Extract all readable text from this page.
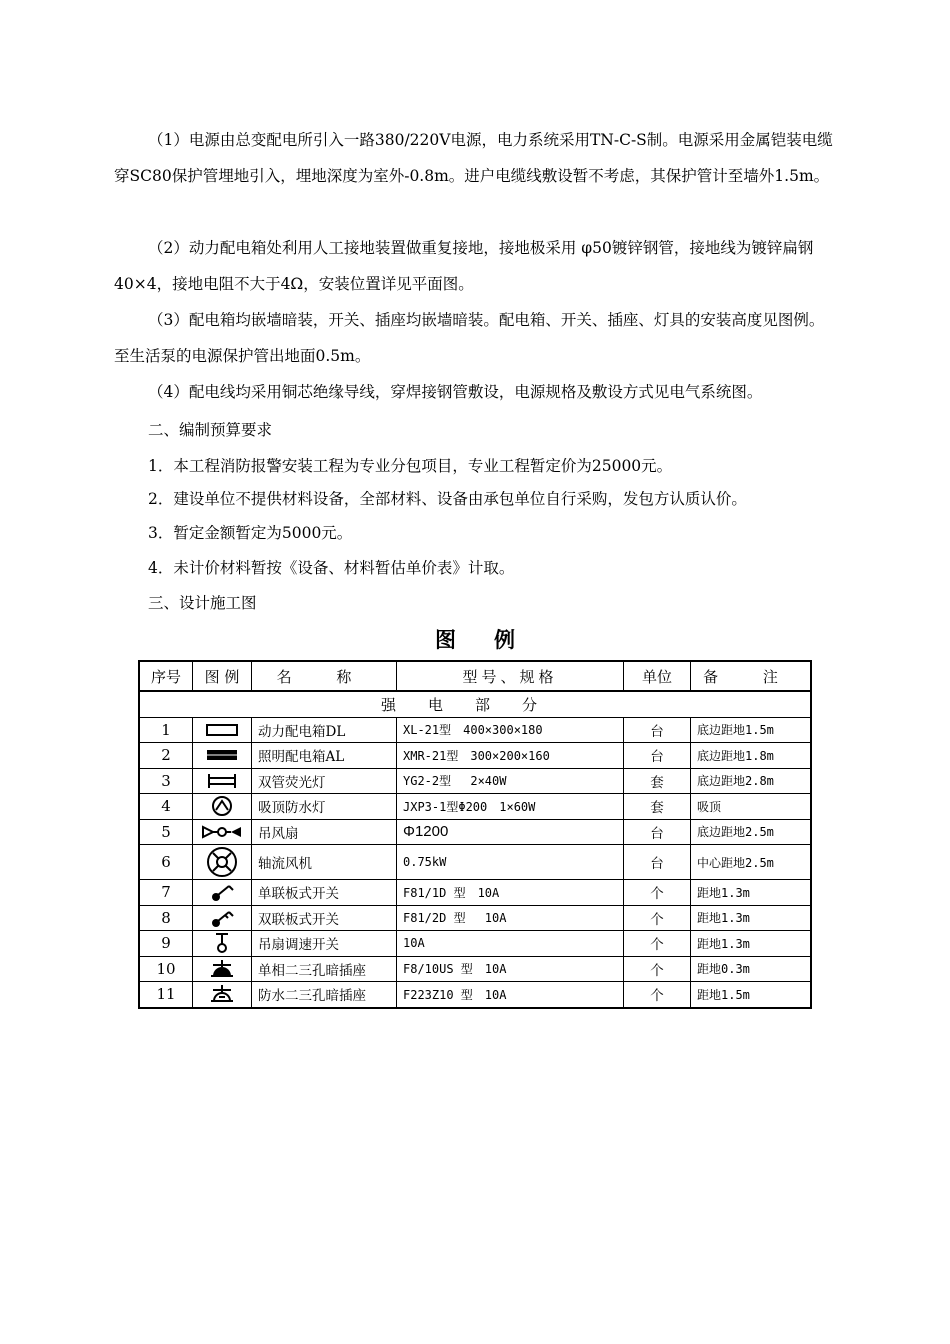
（1）电源由总变配电所引入一路380/220V电源，电力系统采用TN-C-S制。电源采用金属铠装电缆穿SC80保护管埋地引入，埋地深度为室外-0.8m。进户电缆线敷设暂不考虑，其保护管计至墙外1.5m。

（2）动力配电箱处利用人工接地装置做重复接地，接地极采用 φ50镀锌钢管，接地线为镀锌扁钢40×4，接地电阻不大于4Ω，安装位置详见平面图。

（3）配电箱均嵌墙暗装，开关、插座均嵌墙暗装。配电箱、开关、插座、灯具的安装高度见图例。至生活泵的电源保护管出地面0.5m。

（4）配电线均采用铜芯绝缘导线，穿焊接钢管敷设，电源规格及敷设方式见电气系统图。

二、编制预算要求

1．本工程消防报警安装工程为专业分包项目，专业工程暂定价为25000元。

2．建设单位不提供材料设备，全部材料、设备由承包单位自行采购，发包方认质认价。

3．暂定金额暂定为5000元。

4．未计价材料暂按《设备、材料暂估单价表》计取。

三、设计施工图

图例
序号	图 例	名 称	型号、规格	单位	备 注
强电部分					
1		动力配电箱DL	XL-21型　400×300×180	台	底边距地1.5m
2		照明配电箱AL	XMR-21型　300×200×160	台	底边距地1.8m
3		双管荧光灯	YG2-2型　 2×40W	套	底边距地2.8m
4		吸顶防水灯	JXP3-1型Φ200　1×60W	套	吸顶
5		吊风扇	Φ1200	台	底边距地2.5m
6		轴流风机	0.75kW	台	中心距地2.5m
7		单联板式开关	F81/1D 型　10A	个	距地1.3m
8		双联板式开关	F81/2D 型　 10A	个	距地1.3m
9		吊扇调速开关	10A	个	距地1.3m
10		单相二三孔暗插座	F8/10US 型　10A	个	距地0.3m
11		防水二三孔暗插座	F223Z10 型　10A	个	距地1.5m
